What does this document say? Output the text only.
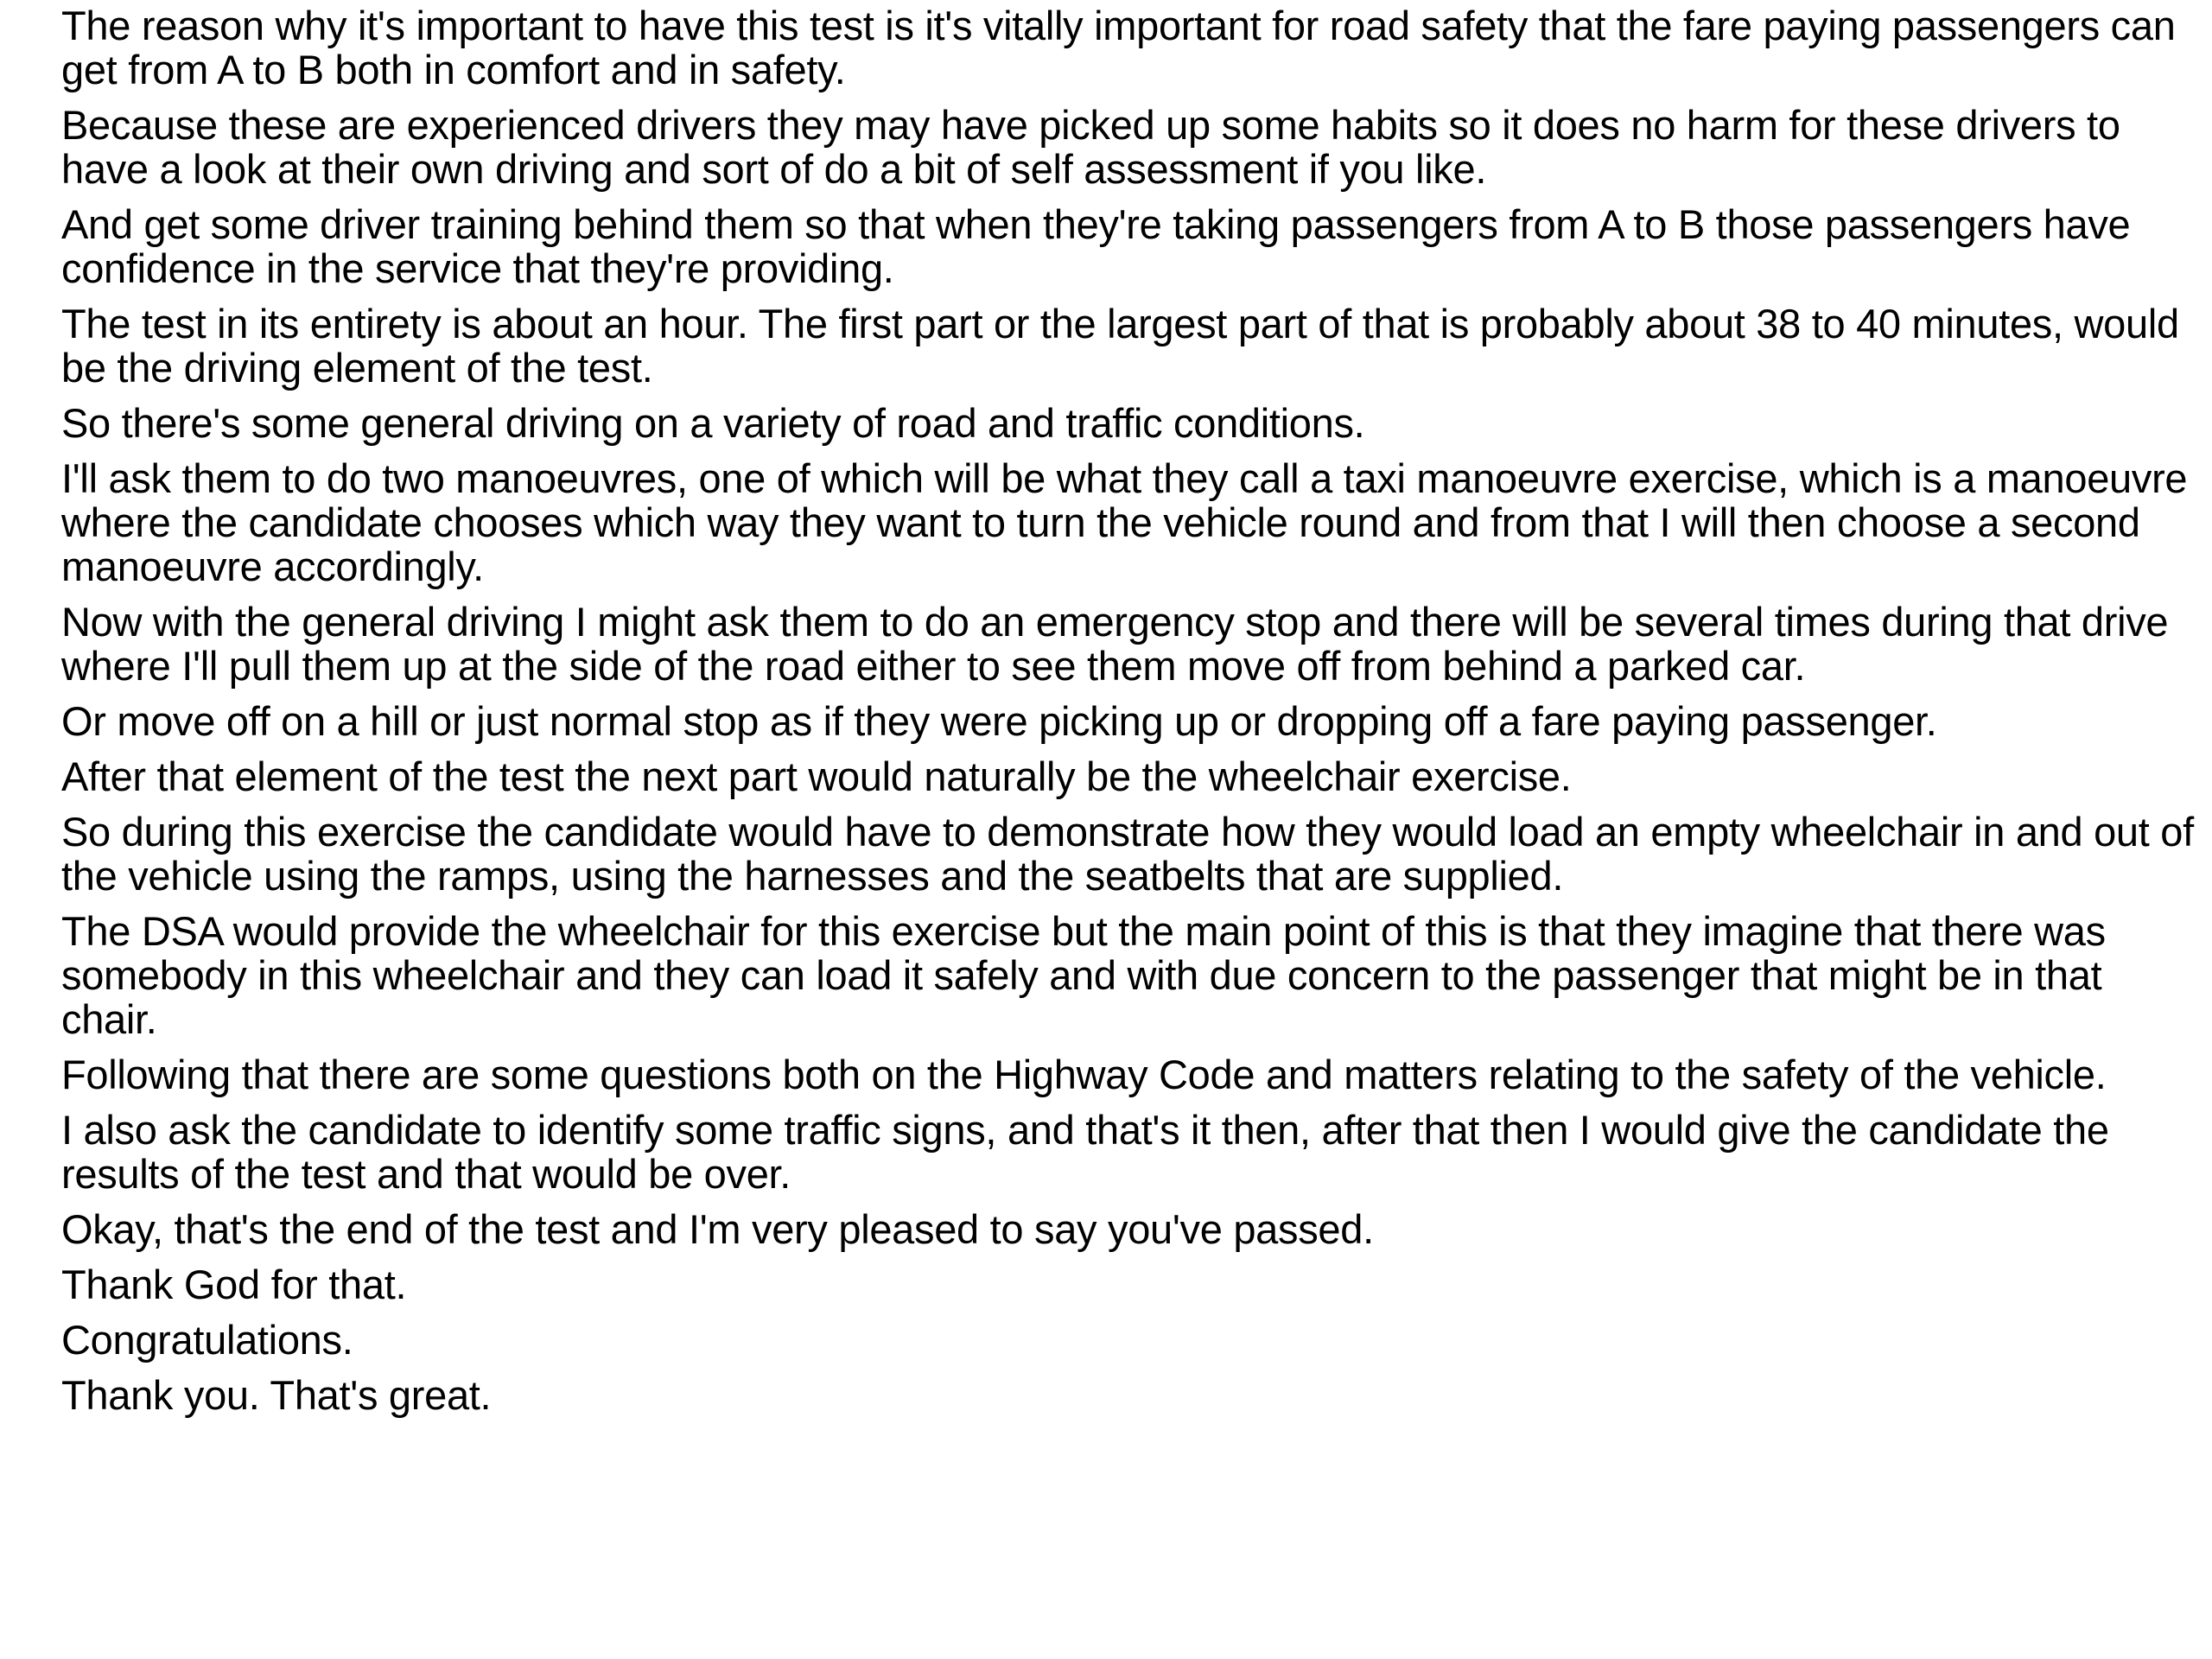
The reason why it's important to have this test is it's vitally important for road safety that the fare paying passengers can get from A to B both in comfort and in safety.

Because these are experienced drivers they may have picked up some habits so it does no harm for these drivers to have a look at their own driving and sort of do a bit of self assessment if you like.

And get some driver training behind them so that when they're taking passengers from A to B those passengers have confidence in the service that they're providing.

The test in its entirety is about an hour. The first part or the largest part of that is probably about 38 to 40 minutes, would be the driving element of the test.

So there's some general driving on a variety of road and traffic conditions.

I'll ask them to do two manoeuvres, one of which will be what they call a taxi manoeuvre exercise, which is a manoeuvre where the candidate chooses which way they want to turn the vehicle round and from that I will then choose a second manoeuvre accordingly.

Now with the general driving I might ask them to do an emergency stop and there will be several times during that drive where I'll pull them up at the side of the road either to see them move off from behind a parked car.

Or move off on a hill or just normal stop as if they were picking up or dropping off a fare paying passenger.

After that element of the test the next part would naturally be the wheelchair exercise.

So during this exercise the candidate would have to demonstrate how they would load an empty wheelchair in and out of the vehicle using the ramps, using the harnesses and the seatbelts that are supplied.

The DSA would provide the wheelchair for this exercise but the main point of this is that they imagine that there was somebody in this wheelchair and they can load it safely and with due concern to the passenger that might be in that chair.

Following that there are some questions both on the Highway Code and matters relating to the safety of the vehicle.

I also ask the candidate to identify some traffic signs, and that's it then, after that then I would give the candidate the results of the test and that would be over.

Okay, that's the end of the test and I'm very pleased to say you've passed.

Thank God for that.

Congratulations.

Thank you. That's great.
